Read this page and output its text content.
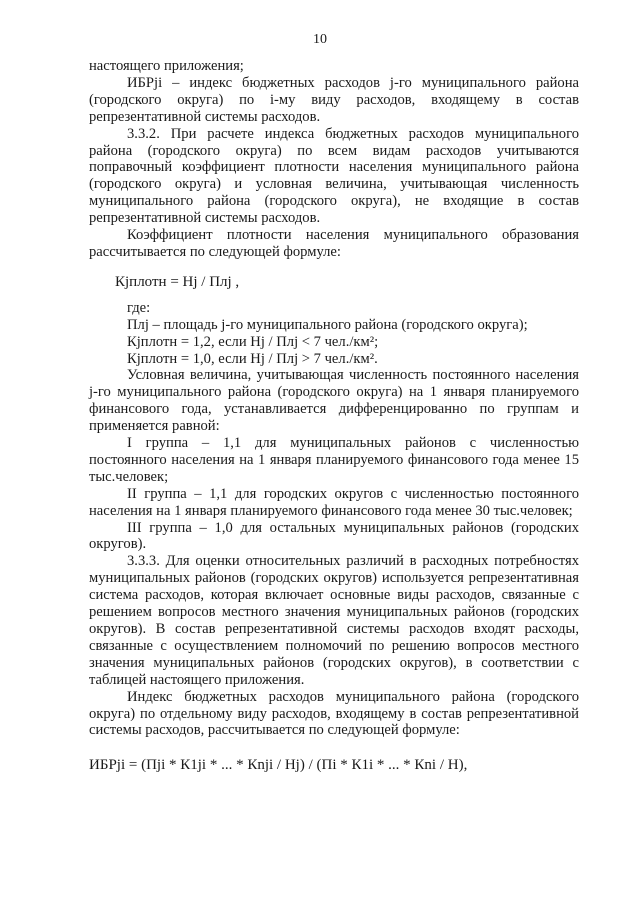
10

настоящего приложения;

ИБРji – индекс бюджетных расходов j-го муниципального района (городского округа) по i-му виду расходов, входящему в состав репрезентативной системы расходов.

3.3.2. При расчете индекса бюджетных расходов муниципального района (городского округа) по всем видам расходов учитываются поправочный коэффициент плотности населения муниципального района (городского округа) и условная величина, учитывающая численность муниципального района (городского округа), не входящие в состав репрезентативной системы расходов.

Коэффициент плотности населения муниципального образования рассчитывается по следующей формуле:

Кjплотн = Нj / Плj ,

где:

Плj – площадь j-го муниципального района (городского округа);

Кjплотн = 1,2, если Нj / Плj < 7 чел./км²;

Кjплотн = 1,0, если Нj / Плj > 7 чел./км².

Условная величина, учитывающая численность постоянного населения j-го муниципального района (городского округа) на 1 января планируемого финансового года, устанавливается дифференцированно по группам и применяется равной:

I группа – 1,1 для муниципальных районов с численностью постоянного населения на 1 января планируемого финансового года менее 15 тыс.человек;

II группа – 1,1 для городских округов с численностью постоянного населения на 1 января планируемого финансового года менее 30 тыс.человек;

III группа – 1,0 для остальных муниципальных районов (городских округов).

3.3.3. Для оценки относительных различий в расходных потребностях муниципальных районов (городских округов) используется репрезентативная система расходов, которая включает основные виды расходов, связанные с решением вопросов местного значения муниципальных районов (городских округов). В состав репрезентативной системы расходов входят расходы, связанные с осуществлением полномочий по решению вопросов местного значения муниципальных районов (городских округов), в соответствии с таблицей настоящего приложения.

Индекс бюджетных расходов муниципального района (городского округа) по отдельному виду расходов, входящему в состав репрезентативной системы расходов, рассчитывается по следующей формуле:

ИБРji = (Пji * К1ji * ... * Кnji / Нj) / (Пi * К1i * ... * Кni / Н),
